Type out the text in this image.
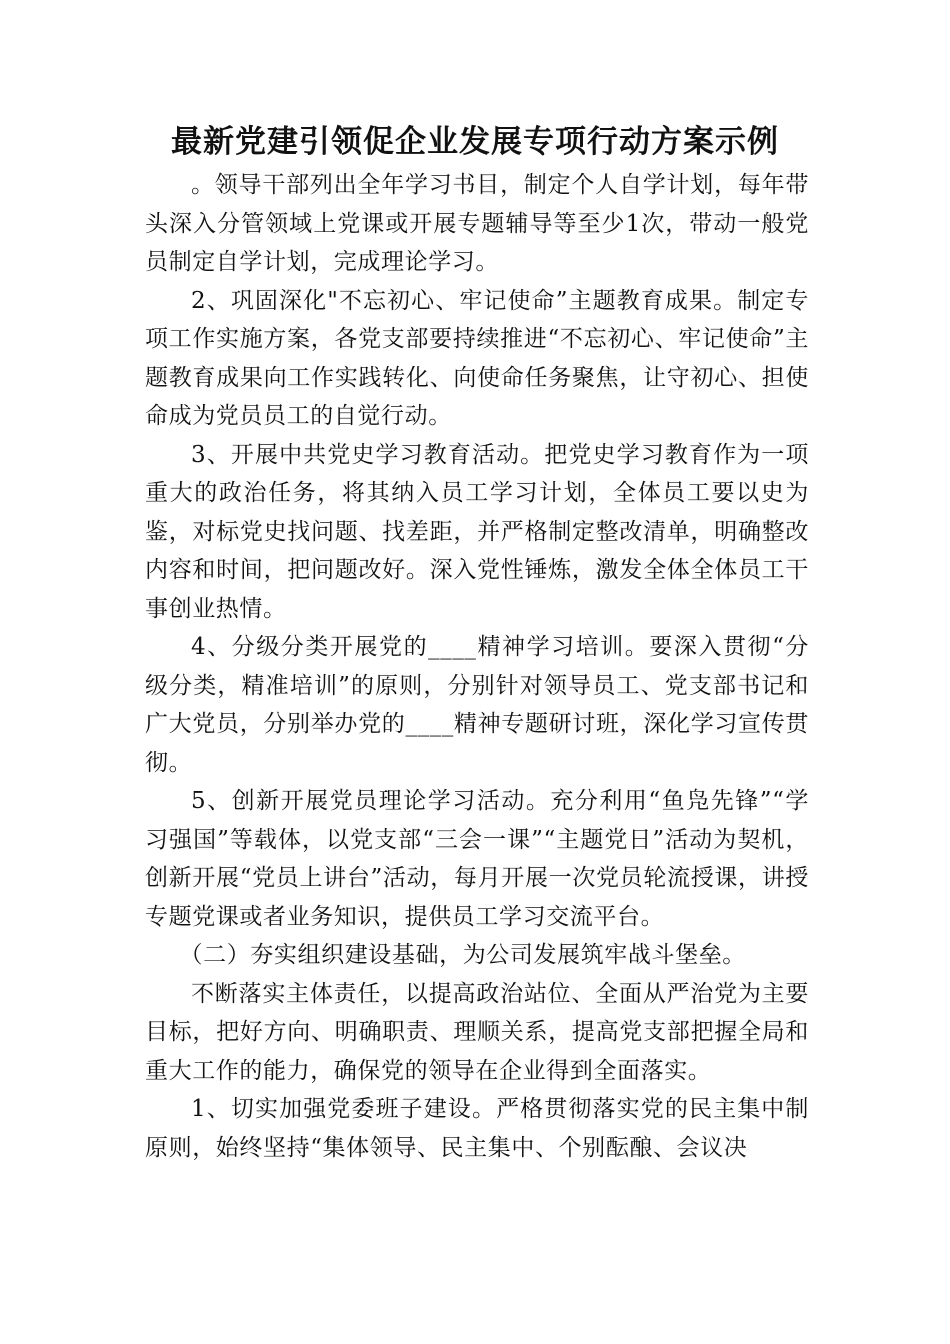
最新党建引领促企业发展专项行动方案示例

。领导干部列出全年学习书目，制定个人自学计划，每年带头深入分管领域上党课或开展专题辅导等至少1次，带动一般党员制定自学计划，完成理论学习。

2、巩固深化"不忘初心、牢记使命”主题教育成果。制定专项工作实施方案，各党支部要持续推进“不忘初心、牢记使命”主题教育成果向工作实践转化、向使命任务聚焦，让守初心、担使命成为党员员工的自觉行动。

3、开展中共党史学习教育活动。把党史学习教育作为一项重大的政治任务，将其纳入员工学习计划，全体员工要以史为鉴，对标党史找问题、找差距，并严格制定整改清单，明确整改内容和时间，把问题改好。深入党性锤炼，激发全体全体员工干事创业热情。

4、分级分类开展党的____精神学习培训。要深入贯彻“分级分类，精准培训”的原则，分别针对领导员工、党支部书记和广大党员，分别举办党的____精神专题研讨班，深化学习宣传贯彻。

5、创新开展党员理论学习活动。充分利用“鱼凫先锋”“学习强国”等载体，以党支部“三会一课”“主题党日”活动为契机，创新开展“党员上讲台”活动，每月开展一次党员轮流授课，讲授专题党课或者业务知识，提供员工学习交流平台。

（二）夯实组织建设基础，为公司发展筑牢战斗堡垒。

不断落实主体责任，以提高政治站位、全面从严治党为主要目标，把好方向、明确职责、理顺关系，提高党支部把握全局和重大工作的能力，确保党的领导在企业得到全面落实。

1、切实加强党委班子建设。严格贯彻落实党的民主集中制原则，始终坚持“集体领导、民主集中、个别酝酿、会议决
